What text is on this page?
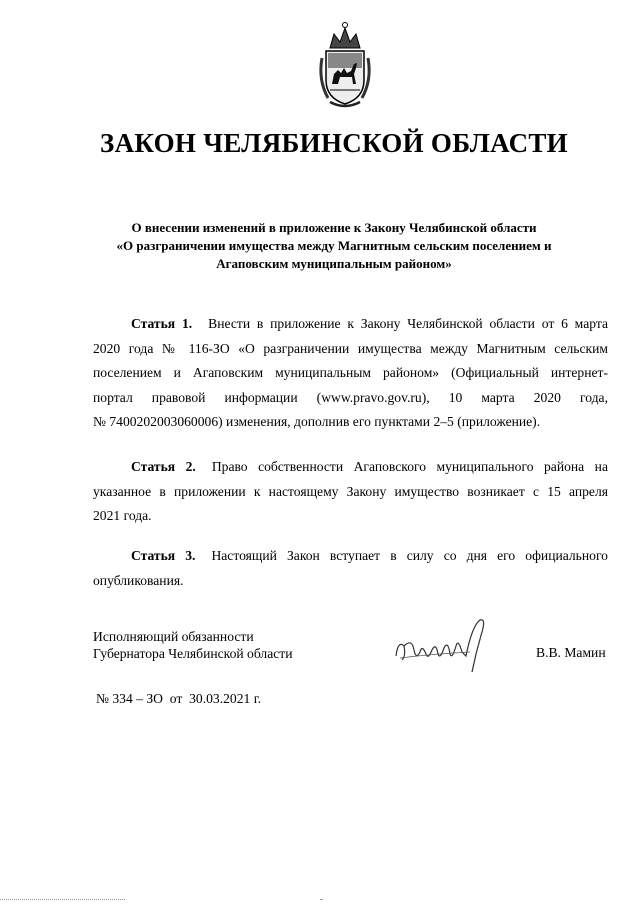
ЗАКОН ЧЕЛЯБИНСКОЙ ОБЛАСТИ
О внесении изменений в приложение к Закону Челябинской области
«О разграничении имущества между Магнитным сельским поселением и
Агаповским муниципальным районом»
Статья 1. Внести в приложение к Закону Челябинской области от 6 марта
2020 года № 116-ЗО «О разграничении имущества между Магнитным сельским
поселением и Агаповским муниципальным районом» (Официальный интернет-
портал правовой информации (www.pravo.gov.ru), 10 марта 2020 года,
№ 7400202003060006) изменения, дополнив его пунктами 2–5 (приложение).
Статья 2. Право собственности Агаповского муниципального района на
указанное в приложении к настоящему Закону имущество возникает с 15 апреля
2021 года.
Статья 3. Настоящий Закон вступает в силу со дня его официального
опубликования.
Исполняющий обязанности
Губернатора Челябинской области	В.В. Мамин
№ 334 – ЗО  от  30.03.2021 г.
